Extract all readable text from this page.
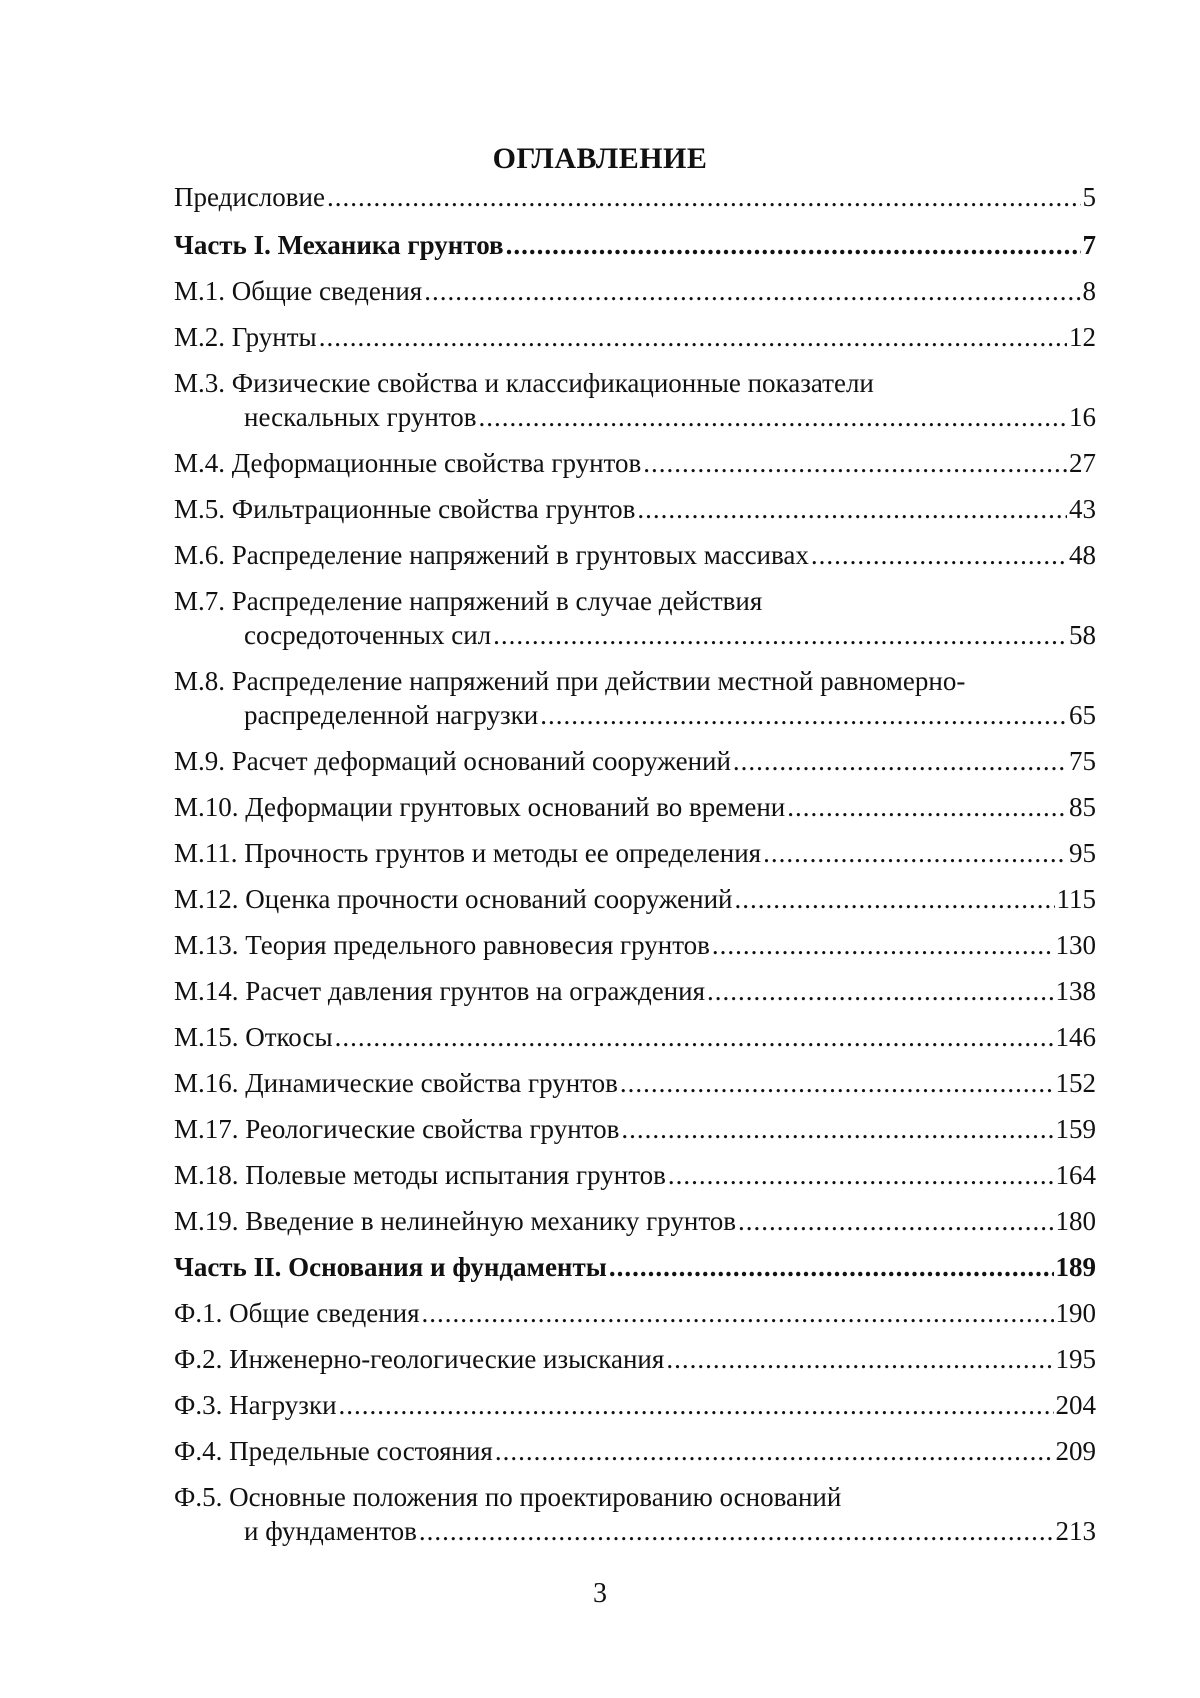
ОГЛАВЛЕНИЕ
Предисловие .....	5
Часть I. Механика грунтов .....	7
М.1. Общие сведения .....	8
М.2. Грунты .....	12
М.3. Физические свойства и классификационные показатели
нескальных грунтов .....	16
М.4. Деформационные свойства грунтов .....	27
М.5. Фильтрационные свойства грунтов .....	43
М.6. Распределение напряжений в грунтовых массивах .....	48
М.7. Распределение напряжений в случае действия
сосредоточенных сил .....	58
М.8. Распределение напряжений при действии местной равномерно-
распределенной нагрузки .....	65
М.9. Расчет деформаций оснований сооружений .....	75
М.10. Деформации грунтовых оснований во времени .....	85
М.11. Прочность грунтов и методы ее определения .....	95
М.12. Оценка прочности оснований сооружений .....	115
М.13. Теория предельного равновесия грунтов .....	130
М.14. Расчет давления грунтов на ограждения .....	138
М.15. Откосы .....	146
М.16. Динамические свойства грунтов .....	152
М.17. Реологические свойства грунтов .....	159
М.18. Полевые методы испытания грунтов .....	164
М.19. Введение в нелинейную механику грунтов .....	180
Часть II. Основания и фундаменты .....	189
Ф.1. Общие сведения .....	190
Ф.2. Инженерно-геологические изыскания .....	195
Ф.3. Нагрузки .....	204
Ф.4. Предельные состояния .....	209
Ф.5. Основные положения по проектированию оснований
и фундаментов .....	213
3
